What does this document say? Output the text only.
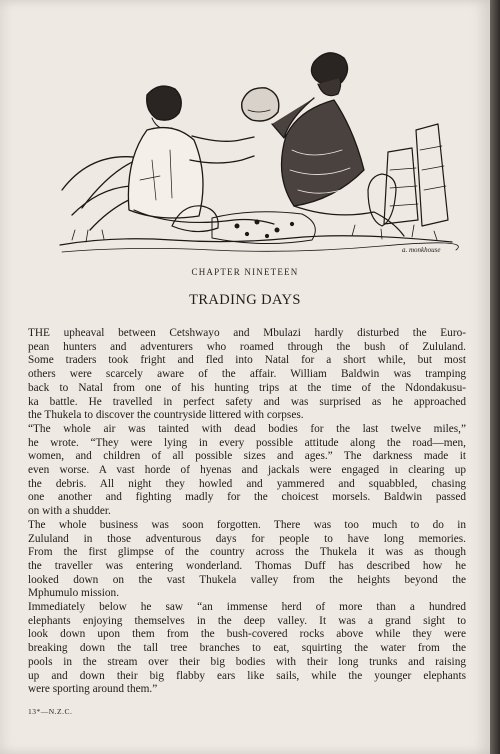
a. monkhouse
CHAPTER NINETEEN
TRADING DAYS

THE upheaval between Cetshwayo and Mbulazi hardly disturbed the Euro-
pean hunters and adventurers who roamed through the bush of Zululand.
Some traders took fright and fled into Natal for a short while, but most
others were scarcely aware of the affair. William Baldwin was tramping
back to Natal from one of his hunting trips at the time of the Ndondakusu-
ka battle. He travelled in perfect safety and was surprised as he approached
the Thukela to discover the countryside littered with corpses.

“The whole air was tainted with dead bodies for the last twelve miles,”
he wrote. “They were lying in every possible attitude along the road—men,
women, and children of all possible sizes and ages.” The darkness made it
even worse. A vast horde of hyenas and jackals were engaged in clearing up
the debris. All night they howled and yammered and squabbled, chasing
one another and fighting madly for the choicest morsels. Baldwin passed
on with a shudder.

The whole business was soon forgotten. There was too much to do in
Zululand in those adventurous days for people to have long memories.
From the first glimpse of the country across the Thukela it was as though
the traveller was entering wonderland. Thomas Duff has described how he
looked down on the vast Thukela valley from the heights beyond the
Mphumulo mission.

Immediately below he saw “an immense herd of more than a hundred
elephants enjoying themselves in the deep valley. It was a grand sight to
look down upon them from the bush-covered rocks above while they were
breaking down the tall tree branches to eat, squirting the water from the
pools in the stream over their big bodies with their long trunks and raising
up and down their big flabby ears like sails, while the younger elephants
were sporting around them.”

13*—N.Z.C.
